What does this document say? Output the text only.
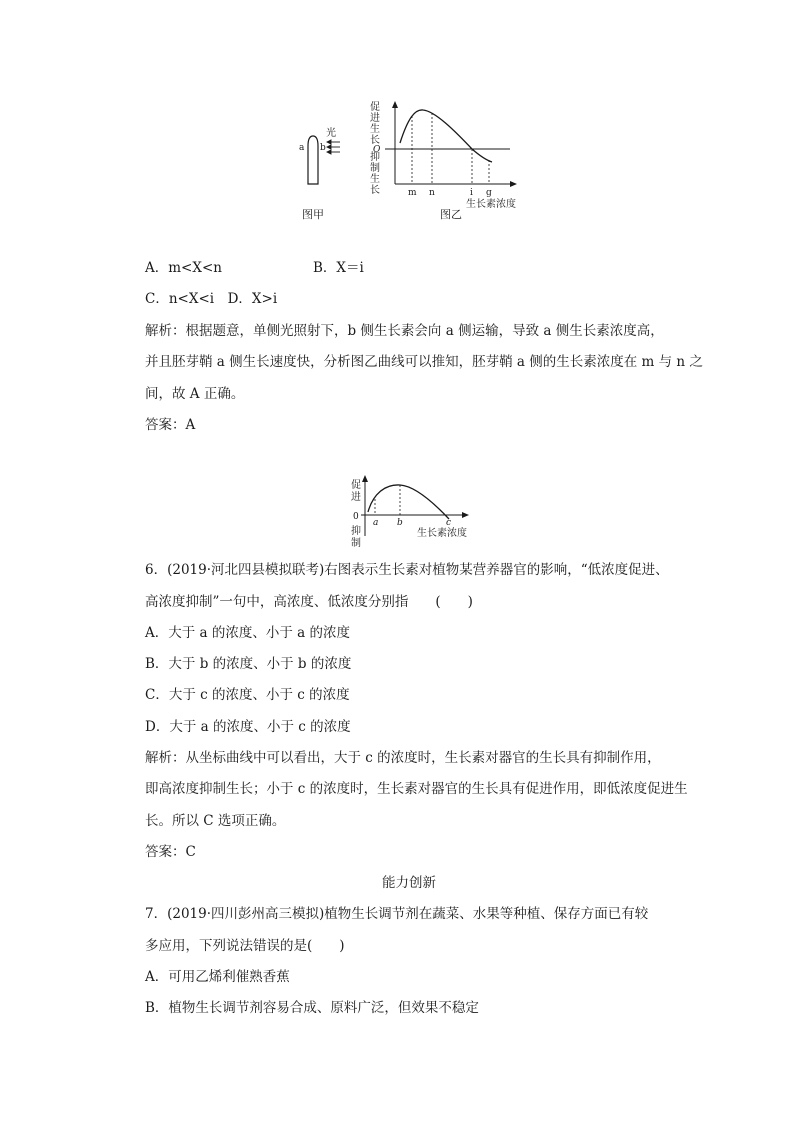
a b
光
图甲
促
进
生
长
O
抑
制
生
长	m n	i g
生长素浓度
图乙
A．m<X<n	B．X＝i
C．n<X<i　D．X>i
解析：根据题意，单侧光照射下，b 侧生长素会向 a 侧运输，导致 a 侧生长素浓度高，
并且胚芽鞘 a 侧生长速度快，分析图乙曲线可以推知，胚芽鞘 a 侧的生长素浓度在 m 与 n 之
间，故 A 正确。
答案：A
促
进
0
抑
制
a b	c
生长素浓度
6．(2019·河北四县模拟联考)右图表示生长素对植物某营养器官的影响，“低浓度促进、
高浓度抑制”一句中，高浓度、低浓度分别指　　(　　)
A．大于 a 的浓度、小于 a 的浓度
B．大于 b 的浓度、小于 b 的浓度
C．大于 c 的浓度、小于 c 的浓度
D．大于 a 的浓度、小于 c 的浓度
解析：从坐标曲线中可以看出，大于 c 的浓度时，生长素对器官的生长具有抑制作用，
即高浓度抑制生长；小于 c 的浓度时，生长素对器官的生长具有促进作用，即低浓度促进生
长。所以 C 选项正确。
答案：C
能力创新
7．(2019·四川彭州高三模拟)植物生长调节剂在蔬菜、水果等种植、保存方面已有较
多应用，下列说法错误的是(　　)
A．可用乙烯利催熟香蕉
B．植物生长调节剂容易合成、原料广泛，但效果不稳定
